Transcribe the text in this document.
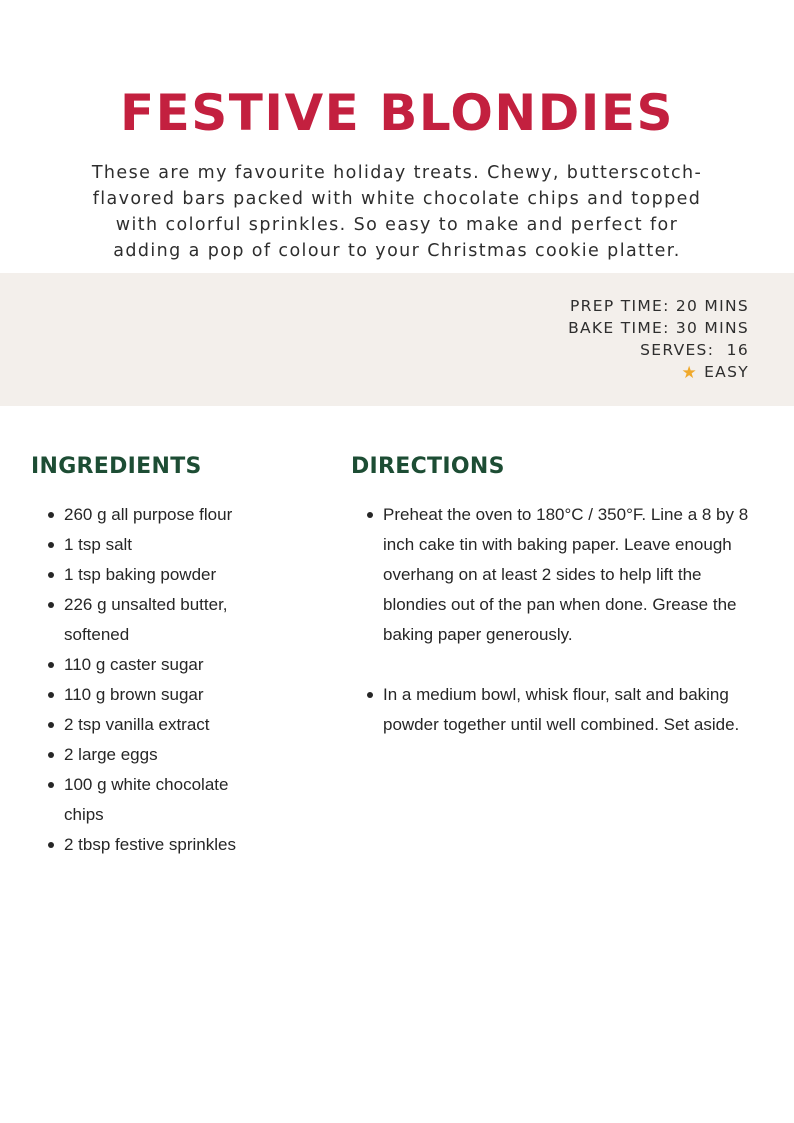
FESTIVE BLONDIES

These are my favourite holiday treats. Chewy, butterscotch-flavored bars packed with white chocolate chips and topped with colorful sprinkles. So easy to make and perfect for adding a pop of colour to your Christmas cookie platter.

PREP TIME: 20 MINS
BAKE TIME: 30 MINS
SERVES:  16
★ EASY
INGREDIENTS
260 g all purpose flour
1 tsp salt
1 tsp baking powder
226 g unsalted butter, softened
110 g caster sugar
110 g brown sugar
2 tsp vanilla extract
2 large eggs
100 g white chocolate chips
2 tbsp festive sprinkles
DIRECTIONS
Preheat the oven to 180°C / 350°F. Line a 8 by 8 inch cake tin with baking paper. Leave enough overhang on at least 2 sides to help lift the blondies out of the pan when done. Grease the baking paper generously.
In a medium bowl, whisk flour, salt and baking powder together until well combined. Set aside.
